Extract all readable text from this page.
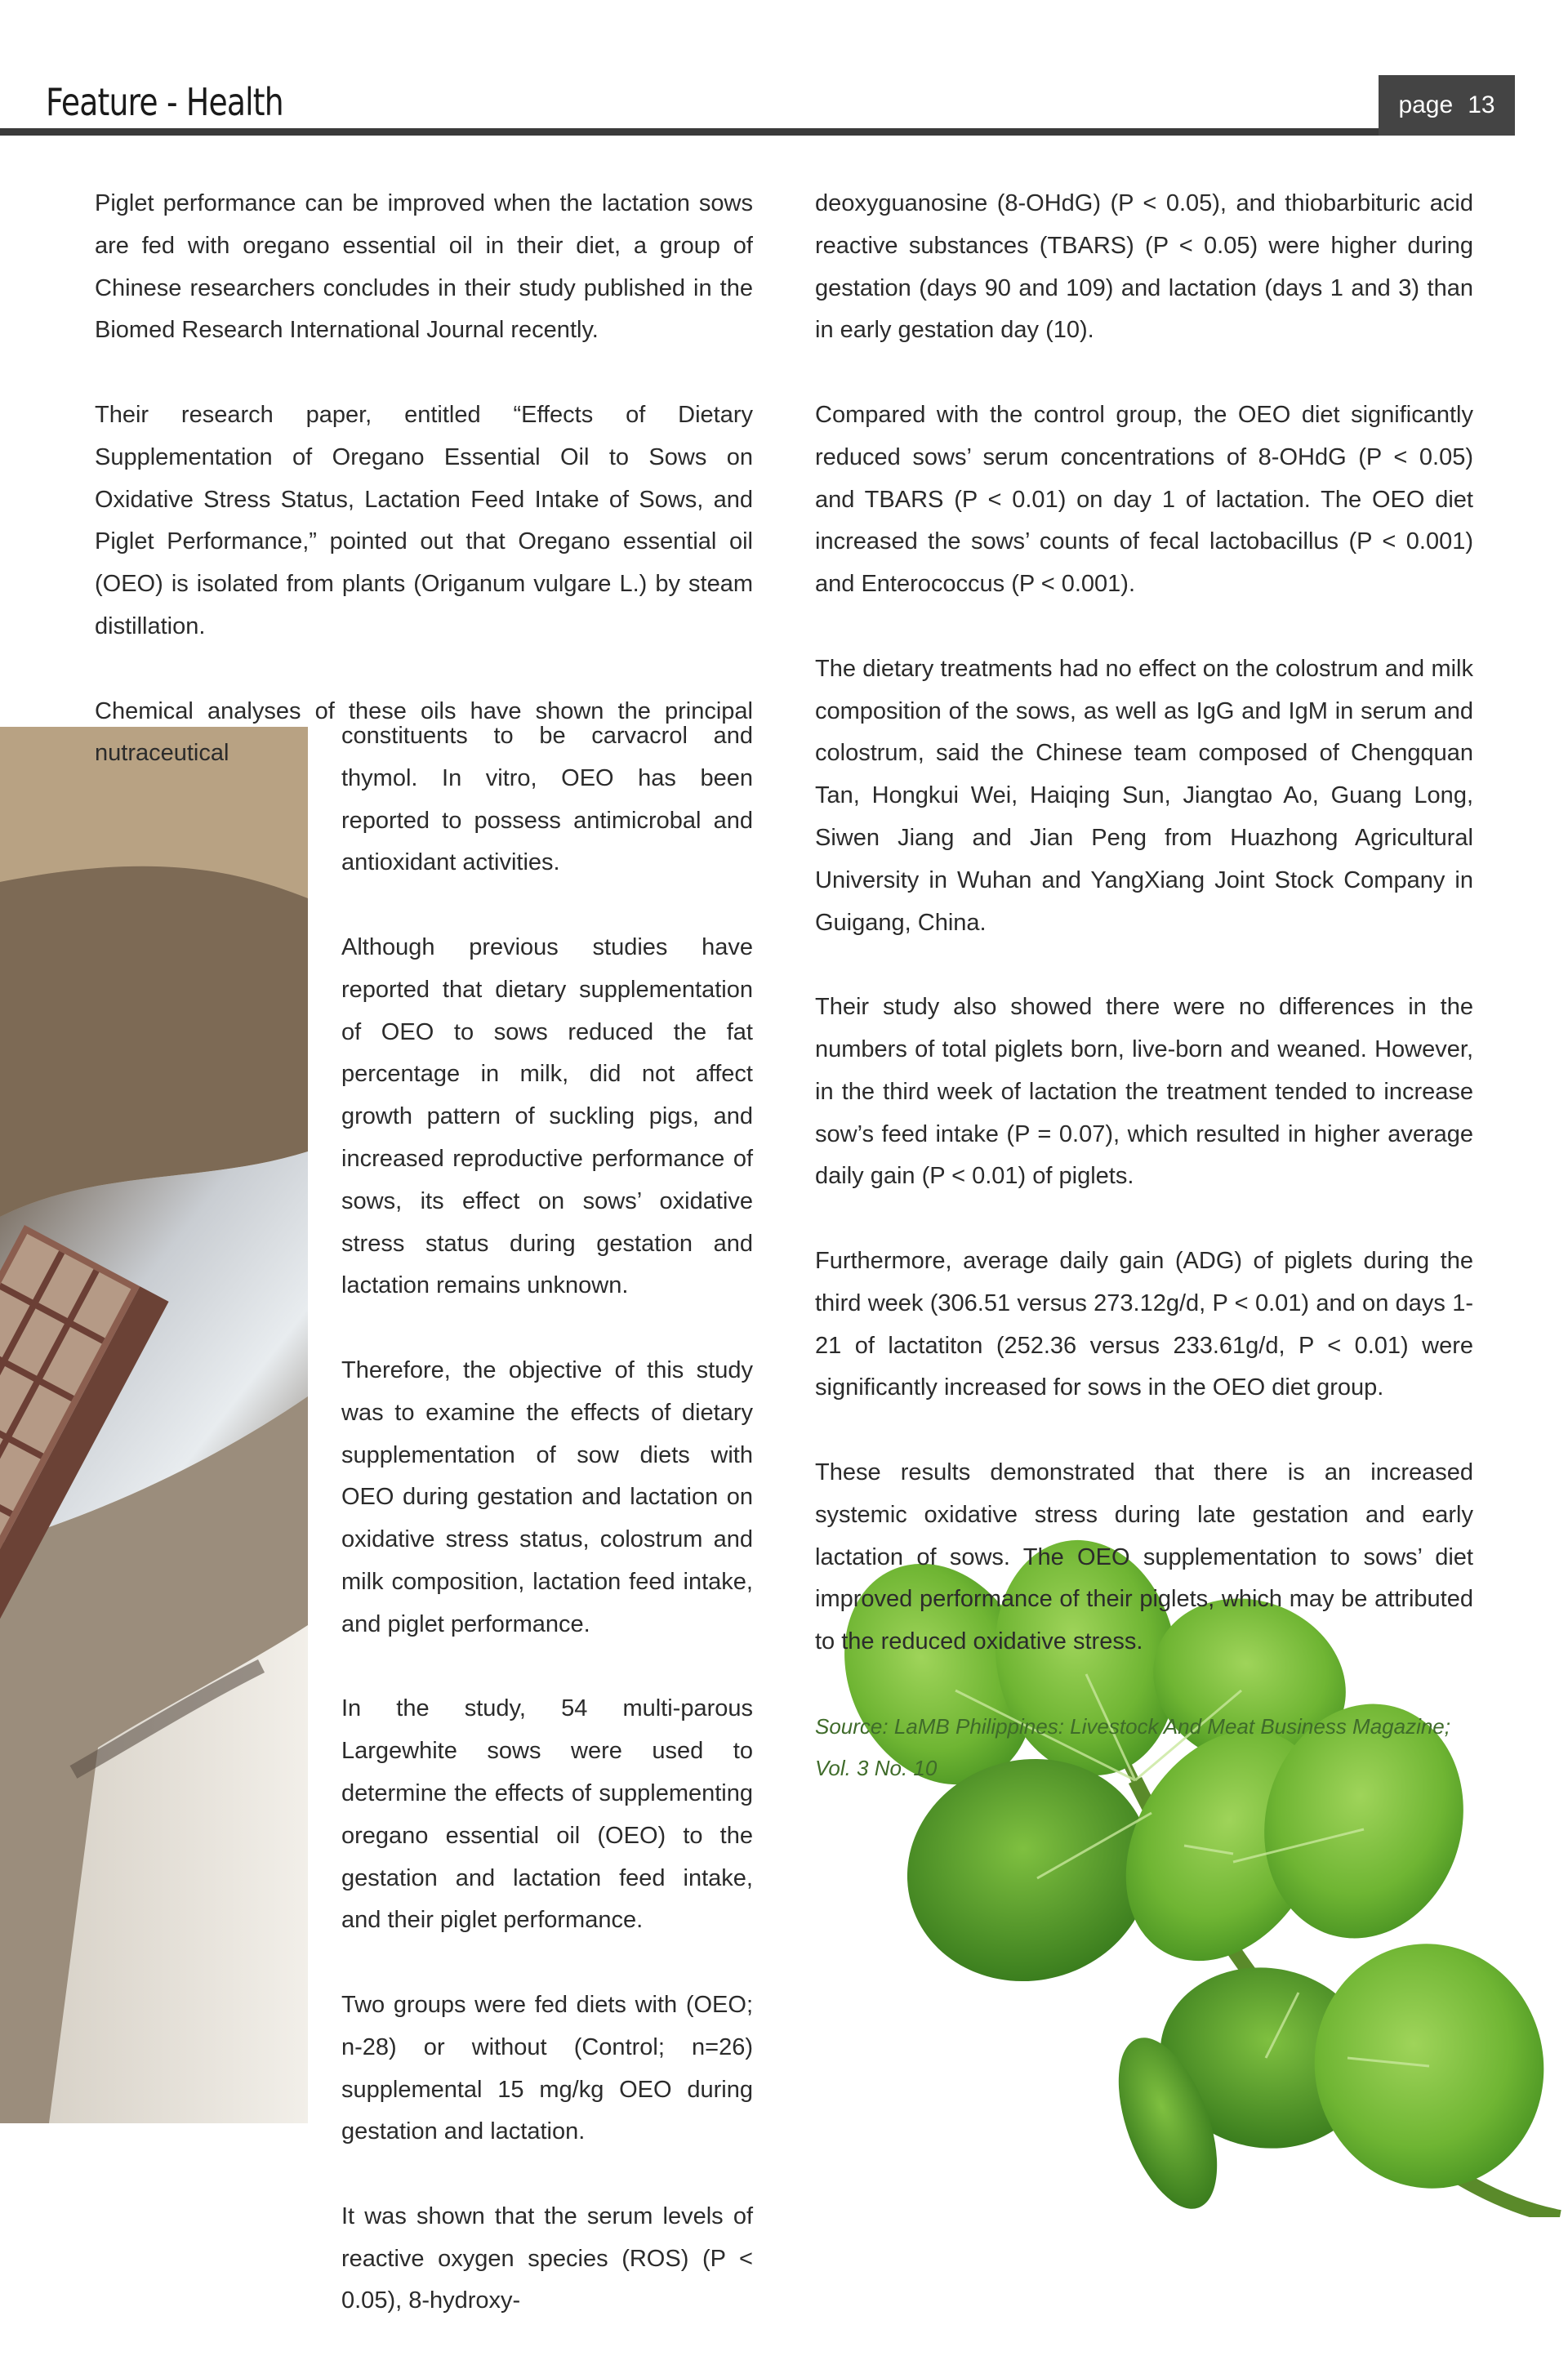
Feature - Health	page 13

Piglet performance can be improved when the lactation sows are fed with oregano essential oil in their diet, a group of Chinese researchers concludes in their study published in the Biomed Research International Journal recently.

Their research paper, entitled “Effects of Dietary Supplementation of Oregano Essential Oil to Sows on Oxidative Stress Status, Lactation Feed Intake of Sows, and Piglet Performance,” pointed out that Oregano essential oil (OEO) is isolated from plants (Origanum vulgare L.) by steam distillation.

Chemical analyses of these oils have shown the principal nutraceutical

constituents to be carvacrol and thymol. In vitro, OEO has been reported to possess antimicrobal and antioxidant activities.

Although previous studies have reported that dietary supplementation of OEO to sows reduced the fat percentage in milk, did not affect growth pattern of suckling pigs, and increased reproductive performance of sows, its effect on sows’ oxidative stress status during gestation and lactation remains unknown.

Therefore, the objective of this study was to examine the effects of dietary supplementation of sow diets with OEO during gestation and lactation on oxidative stress status, colostrum and milk composition, lactation feed intake, and piglet performance.

In the study, 54 multi-parous Largewhite sows were used to determine the effects of supplementing oregano essential oil (OEO) to the gestation and lactation feed intake, and their piglet performance.

Two groups were fed diets with (OEO; n-28) or without (Control; n=26) supplemental 15 mg/kg OEO during gestation and lactation.

It was shown that the serum levels of reactive oxygen species (ROS) (P < 0.05), 8-hydroxy-

deoxyguanosine (8-OHdG) (P < 0.05), and thiobarbituric acid reactive substances (TBARS) (P < 0.05) were higher during gestation (days 90 and 109) and lactation (days 1 and 3) than in early gestation day (10).

Compared with the control group, the OEO diet significantly reduced sows’ serum concentrations of 8-OHdG (P < 0.05) and TBARS (P < 0.01) on day 1 of lactation. The OEO diet increased the sows’ counts of fecal lactobacillus (P < 0.001) and Enterococcus (P < 0.001).

The dietary treatments had no effect on the colostrum and milk composition of the sows, as well as IgG and IgM in serum and colostrum, said the Chinese team composed of Chengquan Tan, Hongkui Wei, Haiqing Sun, Jiangtao Ao, Guang Long, Siwen Jiang and Jian Peng from Huazhong Agricultural University in Wuhan and YangXiang Joint Stock Company in Guigang, China.

Their study also showed there were no differences in the numbers of total piglets born, live-born and weaned. However, in the third week of lactation the treatment tended to increase sow’s feed intake (P = 0.07), which resulted in higher average daily gain (P < 0.01) of piglets.

Furthermore, average daily gain (ADG) of piglets during the third week (306.51 versus 273.12g/d, P < 0.01) and on days 1-21 of lactatiton (252.36 versus 233.61g/d, P < 0.01) were significantly increased for sows in the OEO diet group.

These results demonstrated that there is an increased systemic oxidative stress during late gestation and early lactation of sows. The OEO supplementation to sows’ diet improved performance of their piglets, which may be attributed to the reduced oxidative stress.

Source: LaMB Philippines: Livestock And Meat Business Magazine; Vol. 3 No. 10
